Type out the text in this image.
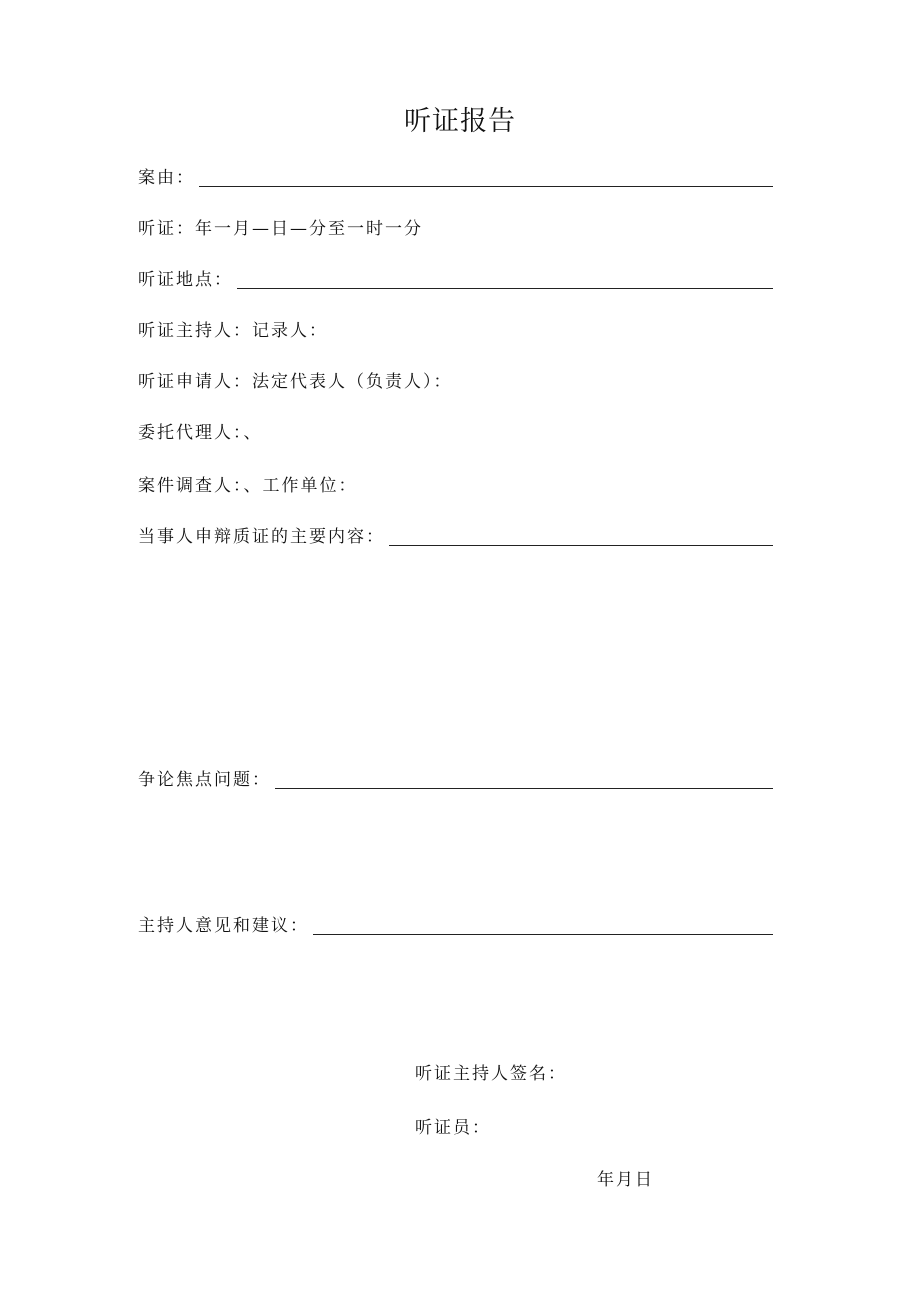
听证报告
案由：
听证：年一月—日—分至一时一分
听证地点：
听证主持人：记录人：
听证申请人：法定代表人（负责人）：
委托代理人：、
案件调查人：、工作单位：
当事人申辩质证的主要内容：
争论焦点问题：
主持人意见和建议：
听证主持人签名：
听证员：
年月日
